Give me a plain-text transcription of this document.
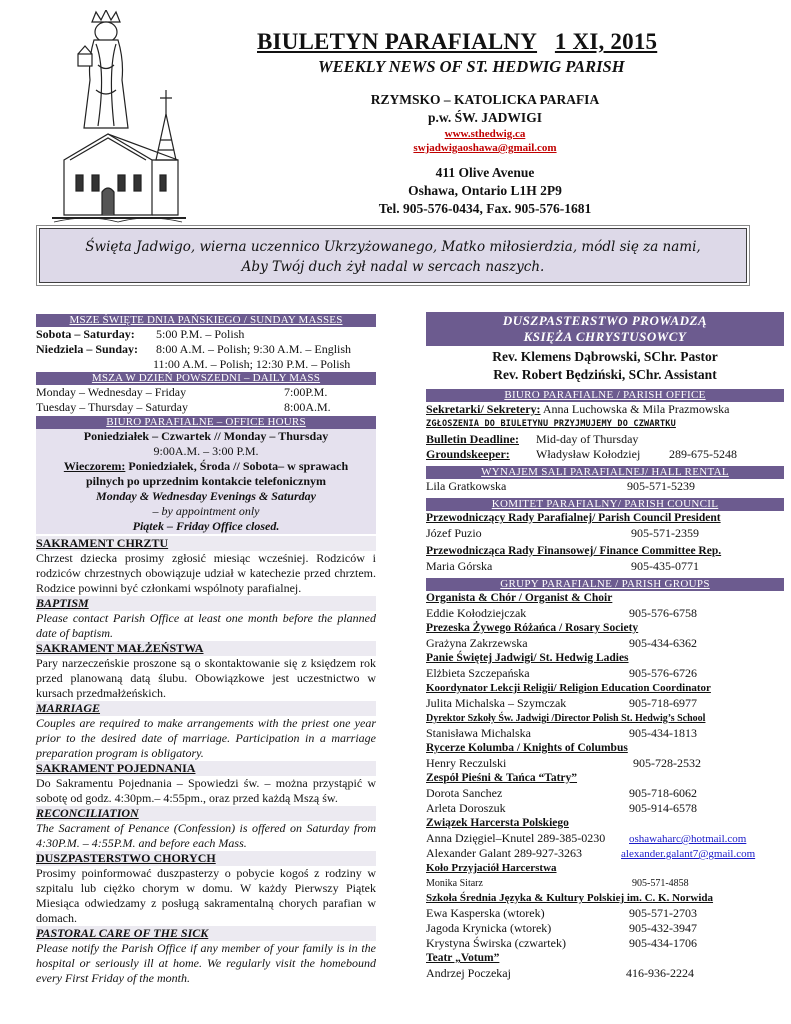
BIULETYN PARAFIALNY 1 XI, 2015
WEEKLY NEWS OF ST. HEDWIG PARISH
RZYMSKO – KATOLICKA PARAFIA
p.w. ŚW. JADWIGI
www.sthedwig.ca
swjadwigaoshawa@gmail.com
411 Olive Avenue
Oshawa, Ontario L1H 2P9
Tel. 905-576-0434, Fax. 905-576-1681
Święta Jadwigo, wierna uczennico Ukrzyżowanego, Matko miłosierdzia, módl się za nami,
Aby Twój duch żył nadal w sercach naszych.
MSZE ŚWIĘTE DNIA PAŃSKIEGO / SUNDAY MASSES
Sobota – Saturday:	5:00 P.M. – Polish
Niedziela – Sunday:	8:00 A.M. – Polish; 9:30 A.M. – English
11:00 A.M. – Polish; 12:30 P.M. – Polish
MSZA W DZIEŃ POWSZEDNI – DAILY MASS
Monday – Wednesday – Friday	7:00P.M.
Tuesday – Thursday – Saturday	8:00A.M.
BIURO PARAFIALNE – OFFICE HOURS
Poniedziałek – Czwartek // Monday – Thursday
9:00A.M. – 3:00 P.M.
Wieczorem: Poniedziałek, Środa // Sobota– w sprawach
pilnych po uprzednim kontakcie telefonicznym
Monday & Wednesday Evenings & Saturday
– by appointment only
Piątek – Friday Office closed.
SAKRAMENT CHRZTU
Chrzest dziecka prosimy zgłosić miesiąc wcześniej. Rodziców i rodziców chrzestnych obowiązuje udział w katechezie przed chrztem. Rodzice powinni być członkami wspólnoty parafialnej.
BAPTISM
Please contact Parish Office at least one month before the planned date of baptism.
SAKRAMENT MAŁŻEŃSTWA
Pary narzeczeńskie proszone są o skontaktowanie się z księdzem rok przed planowaną datą ślubu. Obowiązkowe jest uczestnictwo w kursach przedmałżeńskich.
MARRIAGE
Couples are required to make arrangements with the priest one year prior to the desired date of marriage. Participation in a marriage preparation program is obligatory.
SAKRAMENT POJEDNANIA
Do Sakramentu Pojednania – Spowiedzi św. – można przystąpić w sobotę od godz. 4:30pm.– 4:55pm., oraz przed każdą Mszą św.
RECONCILIATION
The Sacrament of Penance (Confession) is offered on Saturday from 4:30P.M. – 4:55P.M. and before each Mass.
DUSZPASTERSTWO CHORYCH
Prosimy poinformować duszpasterzy o pobycie kogoś z rodziny w szpitalu lub ciężko chorym w domu. W każdy Pierwszy Piątek Miesiąca odwiedzamy z posługą sakramentalną chorych parafian w domach.
PASTORAL CARE OF THE SICK
Please notify the Parish Office if any member of your family is in the hospital or seriously ill at home. We regularly visit the homebound every First Friday of the month.
DUSZPASTERSTWO PROWADZĄ
KSIĘŻA CHRYSTUSOWCY
Rev. Klemens Dąbrowski, SChr. Pastor
Rev. Robert Będziński, SChr. Assistant
BIURO PARAFIALNE / PARISH OFFICE
Sekretarki/ Sekretery: Anna Luchowska & Mila Prazmowska
ZGŁOSZENIA DO BIULETYNU PRZYJMUJEMY DO CZWARTKU
Bulletin Deadline: Mid-day of Thursday
Groundskeeper: Władysław Kołodziej 289-675-5248
WYNAJEM SALI PARAFIALNEJ/ HALL RENTAL
Lila Gratkowska	905-571-5239
KOMITET PARAFIALNY/ PARISH COUNCIL
Przewodniczący Rady Parafialnej/ Parish Council President
Józef Puzio	905-571-2359
Przewodnicząca Rady Finansowej/ Finance Committee Rep.
Maria Górska	905-435-0771
GRUPY PARAFIALNE / PARISH GROUPS
Organista & Chór / Organist & Choir
Eddie Kołodziejczak	905-576-6758
Prezeska Żywego Różańca / Rosary Society
Grażyna Zakrzewska	905-434-6362
Panie Świętej Jadwigi/ St. Hedwig Ladies
Elżbieta Szczepańska	905-576-6726
Koordynator Lekcji Religii/ Religion Education Coordinator
Julita Michalska – Szymczak	905-718-6977
Dyrektor Szkoły Św. Jadwigi /Director Polish St. Hedwig’s School
Stanisława Michalska	905-434-1813
Rycerze Kolumba / Knights of Columbus
Henry Reczulski	905-728-2532
Zespół Pieśni & Tańca “Tatry”
Dorota Sanchez	905-718-6062
Arleta Doroszuk	905-914-6578
Związek Harcersta Polskiego
Anna Dzięgiel–Knutel 289-385-0230 oshawaharc@hotmail.com
Alexander Galant 289-927-3263	alexander.galant7@gmail.com
Koło Przyjaciół Harcerstwa
Monika Sitarz	905-571-4858
Szkoła Średnia Języka & Kultury Polskiej im. C. K. Norwida
Ewa Kasperska (wtorek)	905-571-2703
Jagoda Krynicka (wtorek)	905-432-3947
Krystyna Świrska (czwartek)	905-434-1706
Teatr „Votum”
Andrzej Poczekaj	416-936-2224
